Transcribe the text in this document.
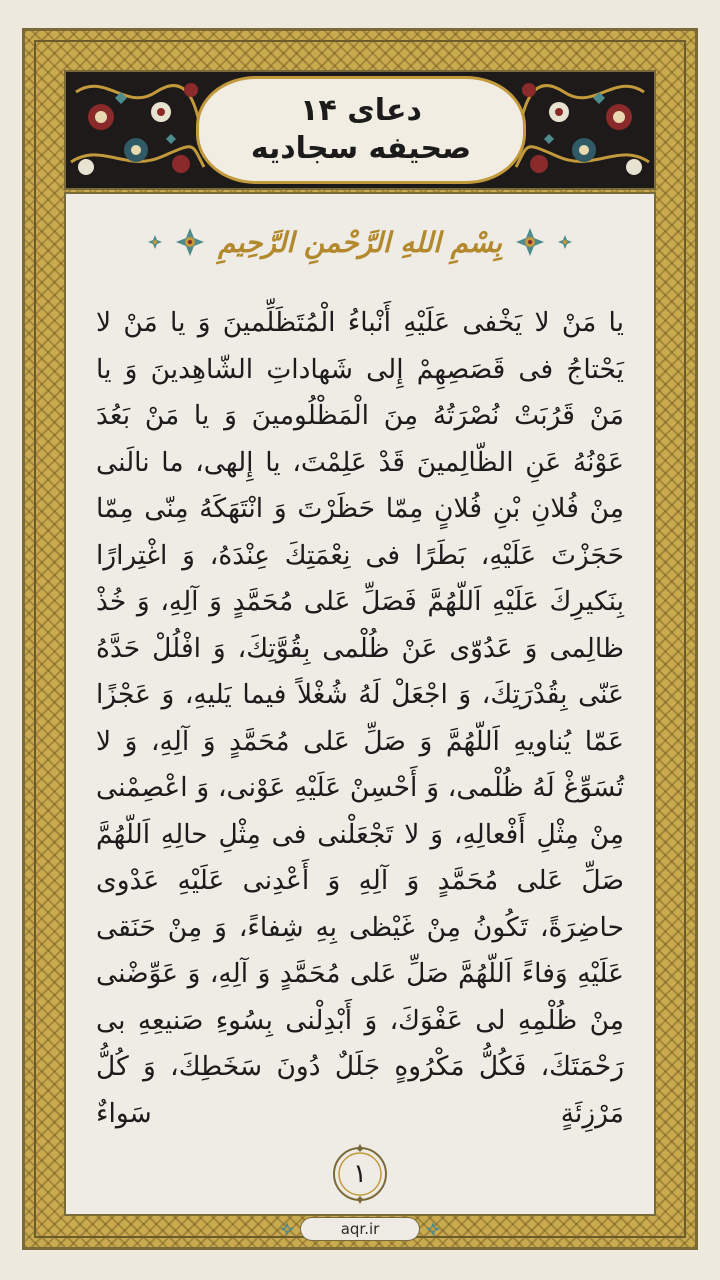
دعای ۱۴
صحیفه سجادیه
بِسْمِ اللهِ الرَّحْمنِ الرَّحِيمِ

يا مَنْ لا يَخْفى‌ عَلَيْهِ أَنْباءُ الْمُتَظَلِّمينَ وَ يا مَنْ لا يَحْتاجُ فى‌ قَصَصِهِمْ إِلى‌ شَهاداتِ الشّاهِدينَ وَ يا مَنْ قَرُبَتْ نُصْرَتُهُ مِنَ الْمَظْلُومينَ وَ يا مَنْ بَعُدَ عَوْنُهُ عَنِ الظّالِمينَ قَدْ عَلِمْتَ، يا إِلهى، ما نالَنى‌ مِنْ فُلانِ بْنِ فُلانٍ مِمّا حَظَرْتَ وَ انْتَهَكَهُ مِنّى‌ مِمّا حَجَزْتَ عَلَيْهِ، بَطَرًا فى‌ نِعْمَتِكَ عِنْدَهُ، وَ اغْتِرارًا بِنَكيرِكَ عَلَيْهِ اَللّهُمَّ فَصَلِّ عَلى‌ مُحَمَّدٍ وَ آلِهِ، وَ خُذْ ظالِمى‌ وَ عَدُوّى‌ عَنْ ظُلْمى‌ بِقُوَّتِكَ، وَ افْلُلْ حَدَّهُ عَنّى‌ بِقُدْرَتِكَ، وَ اجْعَلْ لَهُ شُغْلاً فيما يَليهِ، وَ عَجْزًا عَمّا يُناويهِ اَللّهُمَّ وَ صَلِّ عَلى‌ مُحَمَّدٍ وَ آلِهِ، وَ لا تُسَوِّغْ لَهُ ظُلْمى‌، وَ أَحْسِنْ عَلَيْهِ عَوْنى‌، وَ اعْصِمْنى‌ مِنْ مِثْلِ أَفْعالِهِ، وَ لا تَجْعَلْنى‌ فى‌ مِثْلِ حالِهِ اَللّهُمَّ صَلِّ عَلى‌ مُحَمَّدٍ وَ آلِهِ وَ أَعْدِنى‌ عَلَيْهِ عَدْوى‌ حاضِرَةً، تَكُونُ مِنْ غَيْظى‌ بِهِ شِفاءً، وَ مِنْ حَنَقى‌ عَلَيْهِ وَفاءً اَللّهُمَّ صَلِّ عَلى‌ مُحَمَّدٍ وَ آلِهِ، وَ عَوِّضْنى‌ مِنْ ظُلْمِهِ لى‌ عَفْوَكَ، وَ أَبْدِلْنى‌ بِسُوءِ صَنيعِهِ بى‌ رَحْمَتَكَ، فَكُلُّ مَكْرُوهٍ جَلَلٌ دُونَ سَخَطِكَ، وَ كُلُّ مَرْزِئَةٍ سَواءٌ

۱
aqr.ir
